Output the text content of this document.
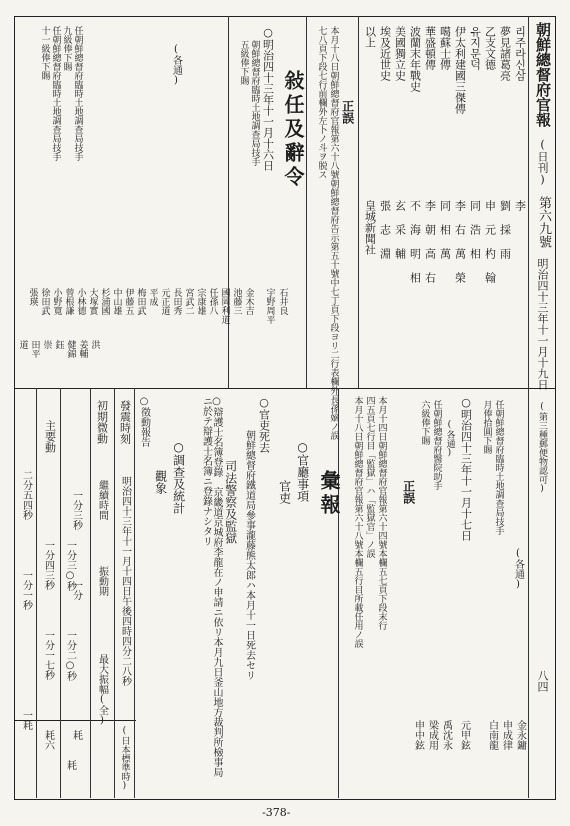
朝鮮總督府官報
(日刊)
第六九號
明治四十三年十一月十九日
(第三種郵便物認可)
八四
리주라신삼
李
夢見諸葛亮
劉 採 雨
乙支文德
申 元 杓 翰
유지문덕
同 浩 相
伊太利建國三傑傳
李 右 萬 榮
噶蘇士傳
同 相 萬
華盛頓傳
李 朝 高 右
波蘭末年戰史
不 海 明 相
美國獨立史
玄 采 輔
埃及近世史
張 志 淵
以上
皇城新聞社
正誤
本月十八日朝鮮總督府官報第六十八號朝鮮總督府告示第五十號中七丁頁下段ヨリ二行表欄外長孫嫡ノ誤
七八頁下段七行前欄外左卜ノ斗ヲ脱ス
敍任及辭令
○明治四十三年十一月十六日
朝鮮總督府臨時土地調查局技手
五級俸下賜
(各通)
任朝鮮總督府臨時土地調查局技手
九級俸下賜
任朝鮮總督府臨時土地調查局技手
十一級俸下賜
石井良
宇野周平
金木吉
池藤三
國岡利道
任孫八
宗康雄
宮武二
長田秀
元正道
平成
梅田武
伊藤五
中山雄
杉浦國
大塚實
小林德
曾根謙
小野寬
徐田武
張瑛
姜輔
健錦
鈺
崇
田平
道	洪
正誤
本月十四日朝鮮總督府官報第六十四號本欄五七頁下段末行
四五頁七行目「監獄」ハ「監獄官」ノ誤
本月十八日朝鮮總督府官報第六十八號本欄五行目所載任用ノ誤	(各通)
任朝鮮總督府臨時土地調查局技手
月俸拾圓下賜
○明治四十三年十一月十七日
(各通)
任朝鮮總督府醫院助手
六級俸下賜
金永鏞
申成律
白南龍
元甲鉉
禹沈永
梁成用
申中鉉
彙報
○官廳事項
官吏
○官吏死去
朝鮮總督府鐵道局參事瀧藤熊太郎ハ本月十一日死去セリ
司法警察及監獄
○辯護士名簿登錄　京畿道京城府李龍在ノ申請ニ依リ本月九日釜山地方裁判所檢事局ニ於テ辯護士名簿ニ登錄ナシタリ
○調查及統計
觀象
○徵動報告
發震時刻
明治四十三年十一月十四日午後四時四分二八秒
(日本標準時)
初期微動
繼續時間
振動期
最大振幅(全)
一分三秒
一分
耗
主要動
二分五四秒
一分一秒
一耗
一分四三秒
一分一七秒
耗六
一分三○秒
一分二○秒
耗
-378-
